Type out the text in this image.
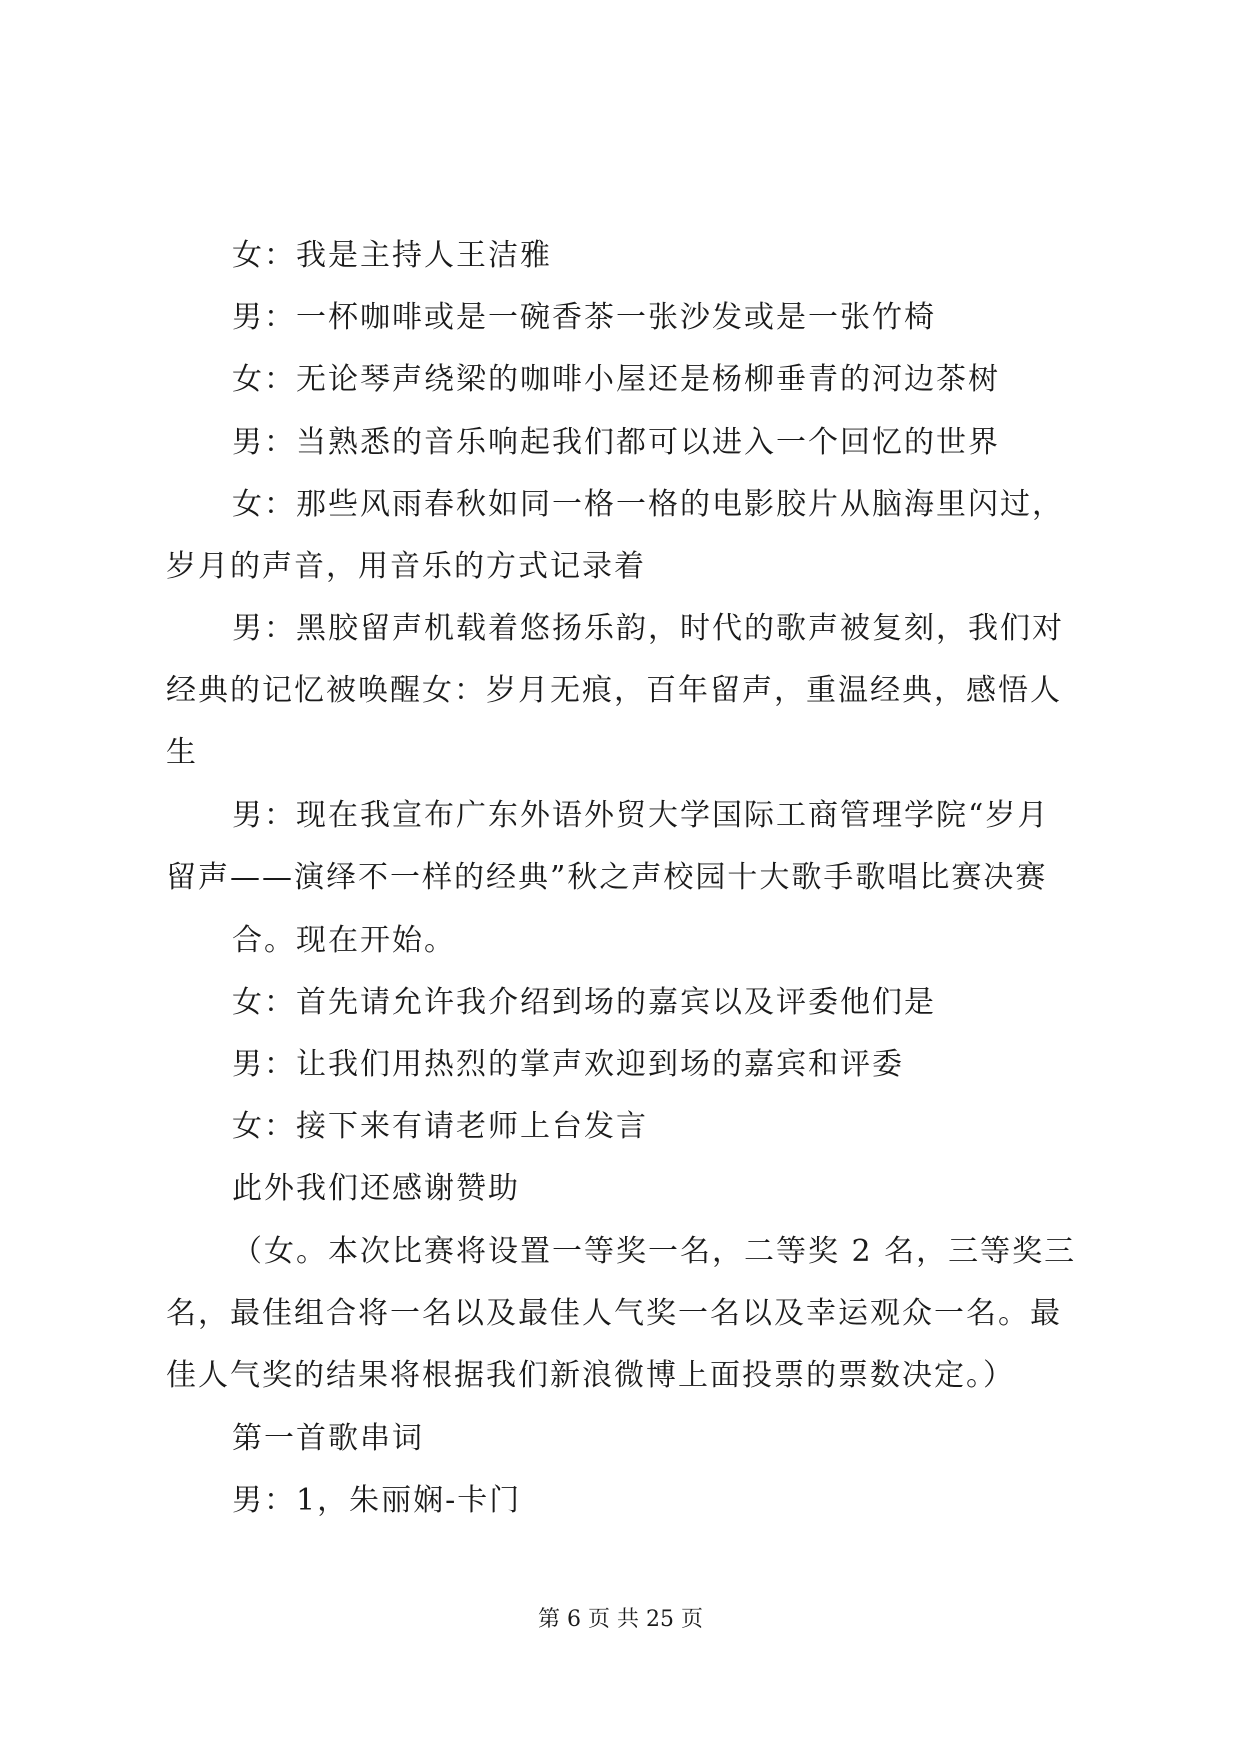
女：我是主持人王洁雅
男：一杯咖啡或是一碗香茶一张沙发或是一张竹椅
女：无论琴声绕梁的咖啡小屋还是杨柳垂青的河边茶树
男：当熟悉的音乐响起我们都可以进入一个回忆的世界
女：那些风雨春秋如同一格一格的电影胶片从脑海里闪过，
岁月的声音，用音乐的方式记录着
男：黑胶留声机载着悠扬乐韵，时代的歌声被复刻，我们对
经典的记忆被唤醒女：岁月无痕，百年留声，重温经典，感悟人
生
男：现在我宣布广东外语外贸大学国际工商管理学院“岁月
留声——演绎不一样的经典”秋之声校园十大歌手歌唱比赛决赛
合。现在开始。
女：首先请允许我介绍到场的嘉宾以及评委他们是
男：让我们用热烈的掌声欢迎到场的嘉宾和评委
女：接下来有请老师上台发言
此外我们还感谢赞助
（女。本次比赛将设置一等奖一名，二等奖 2 名，三等奖三
名，最佳组合将一名以及最佳人气奖一名以及幸运观众一名。最
佳人气奖的结果将根据我们新浪微博上面投票的票数决定。）
第一首歌串词
男：1，朱丽娴-卡门
第 6 页 共 25 页
